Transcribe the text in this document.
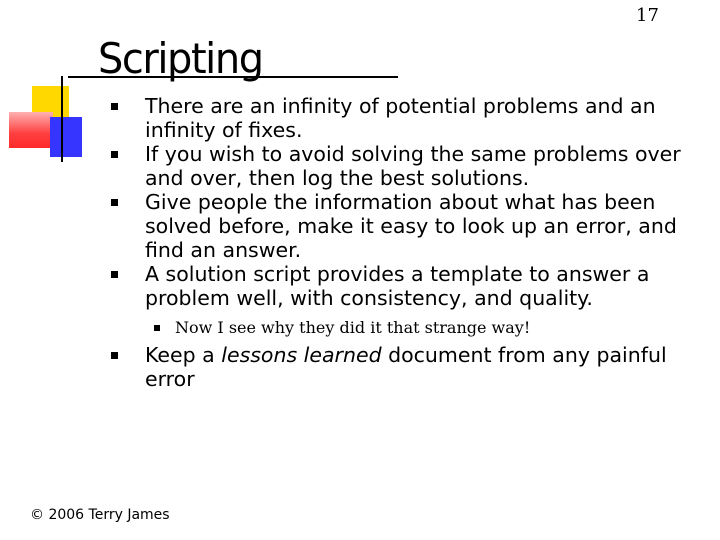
17
Scripting
There are an infinity of potential problems and an infinity of fixes.
If you wish to avoid solving the same problems over and over, then log the best solutions.
Give people the information about what has been solved before, make it easy to look up an error, and find an answer.
A solution script provides a template to answer a problem well, with consistency, and quality.
Now I see why they did it that strange way!
Keep a lessons learned document from any painful error
© 2006 Terry James
